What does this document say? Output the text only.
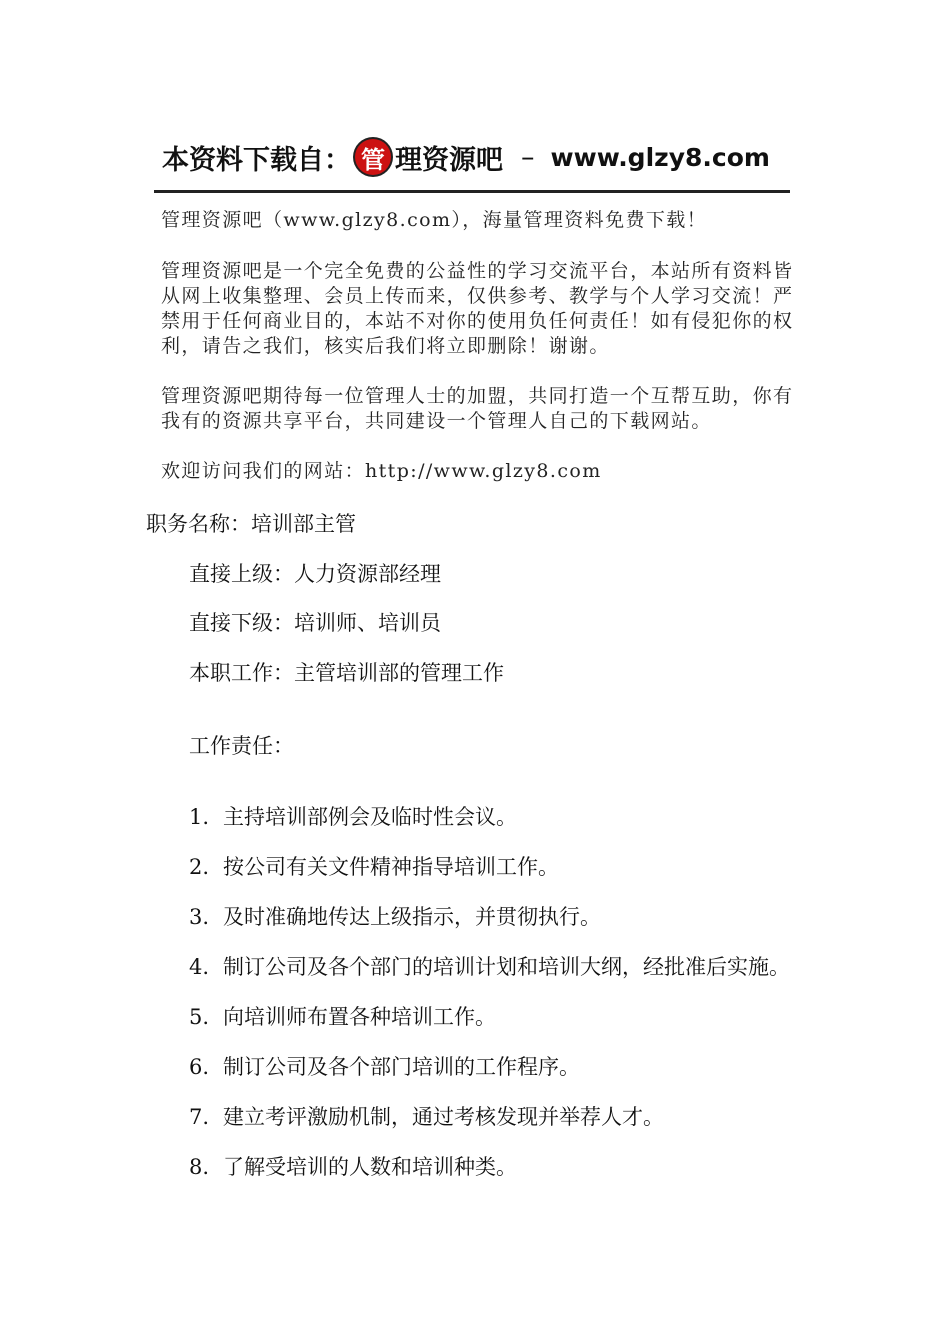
本资料下载自： 管 理资源吧 – www.glzy8.com

管理资源吧（www.glzy8.com），海量管理资料免费下载！

管理资源吧是一个完全免费的公益性的学习交流平台，本站所有资料皆从网上收集整理、会员上传而来，仅供参考、教学与个人学习交流！严禁用于任何商业目的，本站不对你的使用负任何责任！如有侵犯你的权利，请告之我们，核实后我们将立即删除！谢谢。

管理资源吧期待每一位管理人士的加盟，共同打造一个互帮互助，你有我有的资源共享平台，共同建设一个管理人自己的下载网站。

欢迎访问我们的网站：http://www.glzy8.com

职务名称：培训部主管

直接上级：人力资源部经理

直接下级：培训师、培训员

本职工作：主管培训部的管理工作

工作责任：

1. 主持培训部例会及临时性会议。
2. 按公司有关文件精神指导培训工作。
3. 及时准确地传达上级指示，并贯彻执行。
4. 制订公司及各个部门的培训计划和培训大纲，经批准后实施。
5. 向培训师布置各种培训工作。
6. 制订公司及各个部门培训的工作程序。
7. 建立考评激励机制，通过考核发现并举荐人才。
8. 了解受培训的人数和培训种类。
